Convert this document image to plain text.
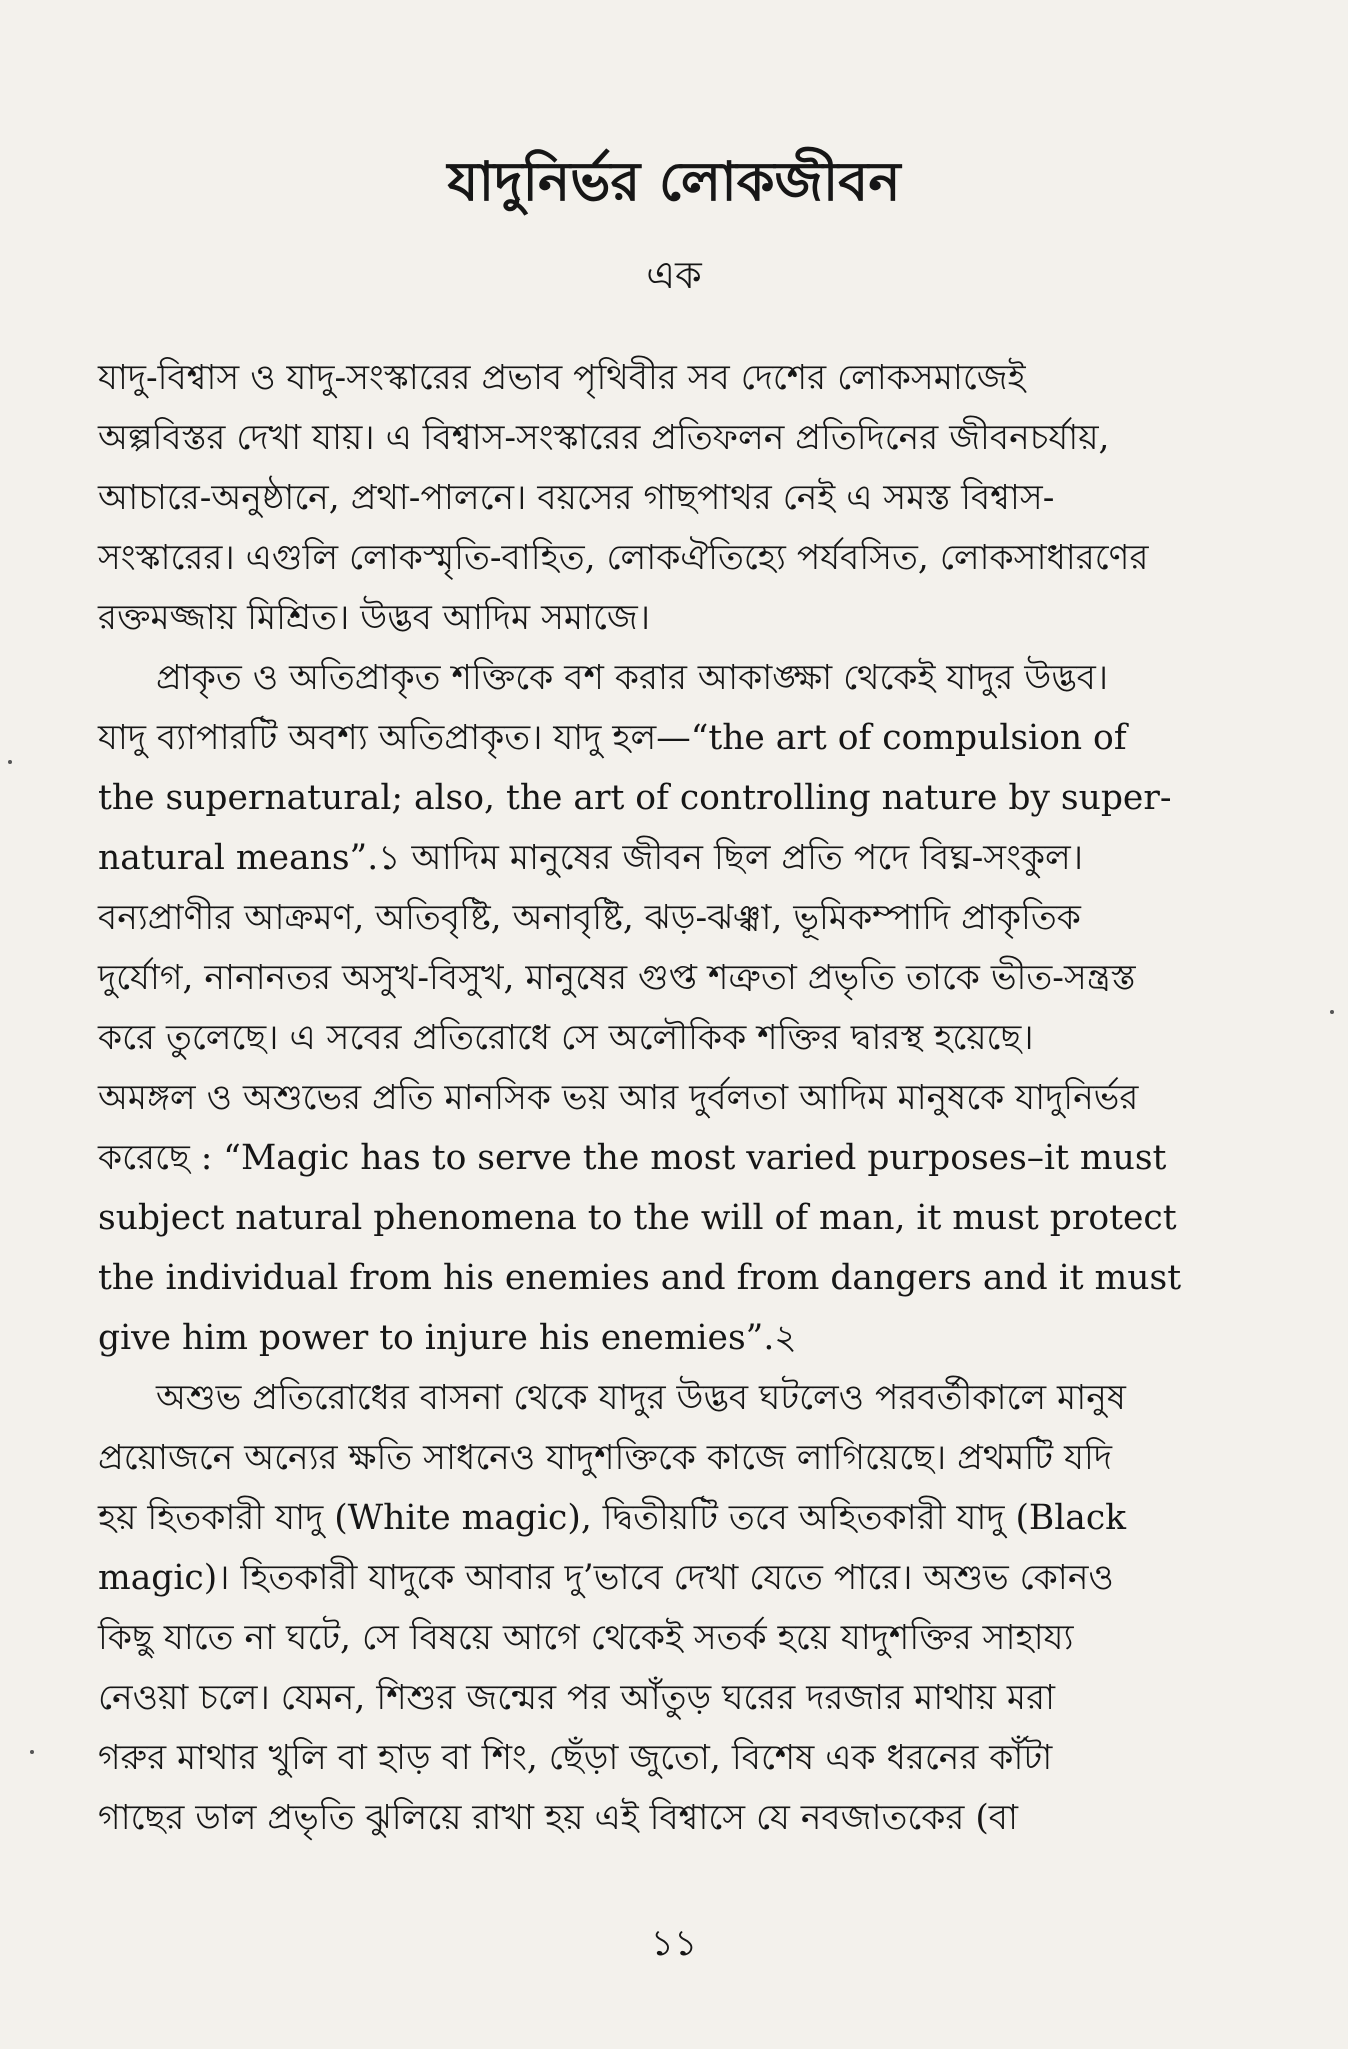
যাদুনির্ভর লোকজীবন
এক
যাদু-বিশ্বাস ও যাদু-সংস্কারের প্রভাব পৃথিবীর সব দেশের লোকসমাজেই
অল্পবিস্তর দেখা যায়। এ বিশ্বাস-সংস্কারের প্রতিফলন প্রতিদিনের জীবনচর্যায়,
আচারে-অনুষ্ঠানে, প্রথা-পালনে। বয়সের গাছপাথর নেই এ সমস্ত বিশ্বাস-
সংস্কারের। এগুলি লোকস্মৃতি-বাহিত, লোকঐতিহ্যে পর্যবসিত, লোকসাধারণের
রক্তমজ্জায় মিশ্রিত। উদ্ভব আদিম সমাজে।
প্রাকৃত ও অতিপ্রাকৃত শক্তিকে বশ করার আকাঙ্ক্ষা থেকেই যাদুর উদ্ভব।
যাদু ব্যাপারটি অবশ্য অতিপ্রাকৃত। যাদু হল—“the art of compulsion of
the supernatural; also, the art of controlling nature by super-
natural means”.১ আদিম মানুষের জীবন ছিল প্রতি পদে বিঘ্ন-সংকুল।
বন্যপ্রাণীর আক্রমণ, অতিবৃষ্টি, অনাবৃষ্টি, ঝড়-ঝঞ্ঝা, ভূমিকম্পাদি প্রাকৃতিক
দুর্যোগ, নানানতর অসুখ-বিসুখ, মানুষের গুপ্ত শত্রুতা প্রভৃতি তাকে ভীত-সন্ত্রস্ত
করে তুলেছে। এ সবের প্রতিরোধে সে অলৌকিক শক্তির দ্বারস্থ হয়েছে।
অমঙ্গল ও অশুভের প্রতি মানসিক ভয় আর দুর্বলতা আদিম মানুষকে যাদুনির্ভর
করেছে : “Magic has to serve the most varied purposes–it must
subject natural phenomena to the will of man, it must protect
the individual from his enemies and from dangers and it must
give him power to injure his enemies”.২
অশুভ প্রতিরোধের বাসনা থেকে যাদুর উদ্ভব ঘটলেও পরবর্তীকালে মানুষ
প্রয়োজনে অন্যের ক্ষতি সাধনেও যাদুশক্তিকে কাজে লাগিয়েছে। প্রথমটি যদি
হয় হিতকারী যাদু (White magic), দ্বিতীয়টি তবে অহিতকারী যাদু (Black
magic)। হিতকারী যাদুকে আবার দু’ভাবে দেখা যেতে পারে। অশুভ কোনও
কিছু যাতে না ঘটে, সে বিষয়ে আগে থেকেই সতর্ক হয়ে যাদুশক্তির সাহায্য
নেওয়া চলে। যেমন, শিশুর জন্মের পর আঁতুড় ঘরের দরজার মাথায় মরা
গরুর মাথার খুলি বা হাড় বা শিং, ছেঁড়া জুতো, বিশেষ এক ধরনের কাঁটা
গাছের ডাল প্রভৃতি ঝুলিয়ে রাখা হয় এই বিশ্বাসে যে নবজাতকের (বা
১১
